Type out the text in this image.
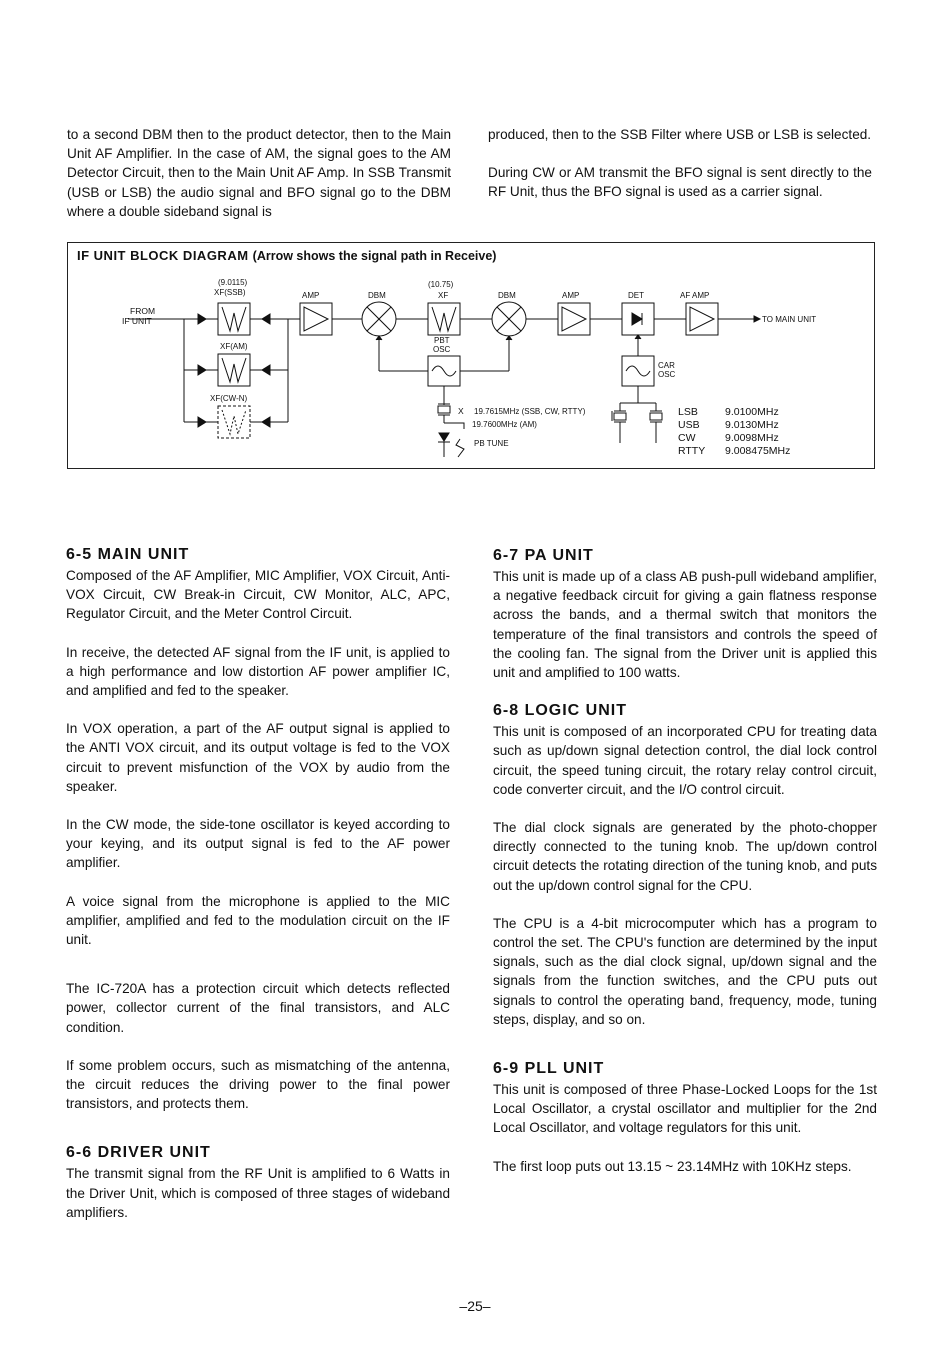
to a second DBM then to the product detector, then to the Main Unit AF Amplifier. In the case of AM, the signal goes to the AM Detector Circuit, then to the Main Unit AF Amp. In SSB Transmit (USB or LSB) the audio signal and BFO signal go to the DBM where a double sideband signal is

produced, then to the SSB Filter where USB or LSB is selected.

During CW or AM transmit the BFO signal is sent directly to the RF Unit, thus the BFO signal is used as a carrier signal.

IF UNIT BLOCK DIAGRAM (Arrow shows the signal path in Receive)
FROM
IF UNIT
(9.0115)
XF(SSB)
XF(AM)
XF(CW-N)
AMP	DBM
(10.75)
XF	DBM	AMP	DET	AF AMP
TO MAIN UNIT
PBT
OSC
X 19.7615MHz (SSB, CW, RTTY)
19.7600MHz (AM)
PB TUNE
CAR
OSC
LSB	9.0100MHz
USB 9.0130MHz
CW	9.0098MHz
RTTY 9.008475MHz
6-5 MAIN UNIT

Composed of the AF Amplifier, MIC Amplifier, VOX Circuit, Anti-VOX Circuit, CW Break-in Circuit, CW Monitor, ALC, APC, Regulator Circuit, and the Meter Control Circuit.

In receive, the detected AF signal from the IF unit, is applied to a high performance and low distortion AF power amplifier IC, and amplified and fed to the speaker.

In VOX operation, a part of the AF output signal is applied to the ANTI VOX circuit, and its output voltage is fed to the VOX circuit to prevent misfunction of the VOX by audio from the speaker.

In the CW mode, the side-tone oscillator is keyed according to your keying, and its output signal is fed to the AF power amplifier.

A voice signal from the microphone is applied to the MIC amplifier, amplified and fed to the modulation circuit on the IF unit.

The IC-720A has a protection circuit which detects reflected power, collector current of the final transistors, and ALC condition.

If some problem occurs, such as mismatching of the antenna, the circuit reduces the driving power to the final power transistors, and protects them.

6-6 DRIVER UNIT

The transmit signal from the RF Unit is amplified to 6 Watts in the Driver Unit, which is composed of three stages of wideband amplifiers.

6-7 PA UNIT

This unit is made up of a class AB push-pull wideband amplifier, a negative feedback circuit for giving a gain flatness response across the bands, and a thermal switch that monitors the temperature of the final transistors and controls the speed of the cooling fan. The signal from the Driver unit is applied this unit and amplified to 100 watts.

6-8 LOGIC UNIT

This unit is composed of an incorporated CPU for treating data such as up/down signal detection control, the dial lock control circuit, the speed tuning circuit, the rotary relay control circuit, code converter circuit, and the I/O control circuit.

The dial clock signals are generated by the photo-chopper directly connected to the tuning knob. The up/down control circuit detects the rotating direction of the tuning knob, and puts out the up/down control signal for the CPU.

The CPU is a 4-bit microcomputer which has a program to control the set. The CPU's function are determined by the input signals, such as the dial clock signal, up/down signal and the signals from the function switches, and the CPU puts out signals to control the operating band, frequency, mode, tuning steps, display, and so on.

6-9 PLL UNIT

This unit is composed of three Phase-Locked Loops for the 1st Local Oscillator, a crystal oscillator and multiplier for the 2nd Local Oscillator, and voltage regulators for this unit.

The first loop puts out 13.15 ~ 23.14MHz with 10KHz steps.

–25–
